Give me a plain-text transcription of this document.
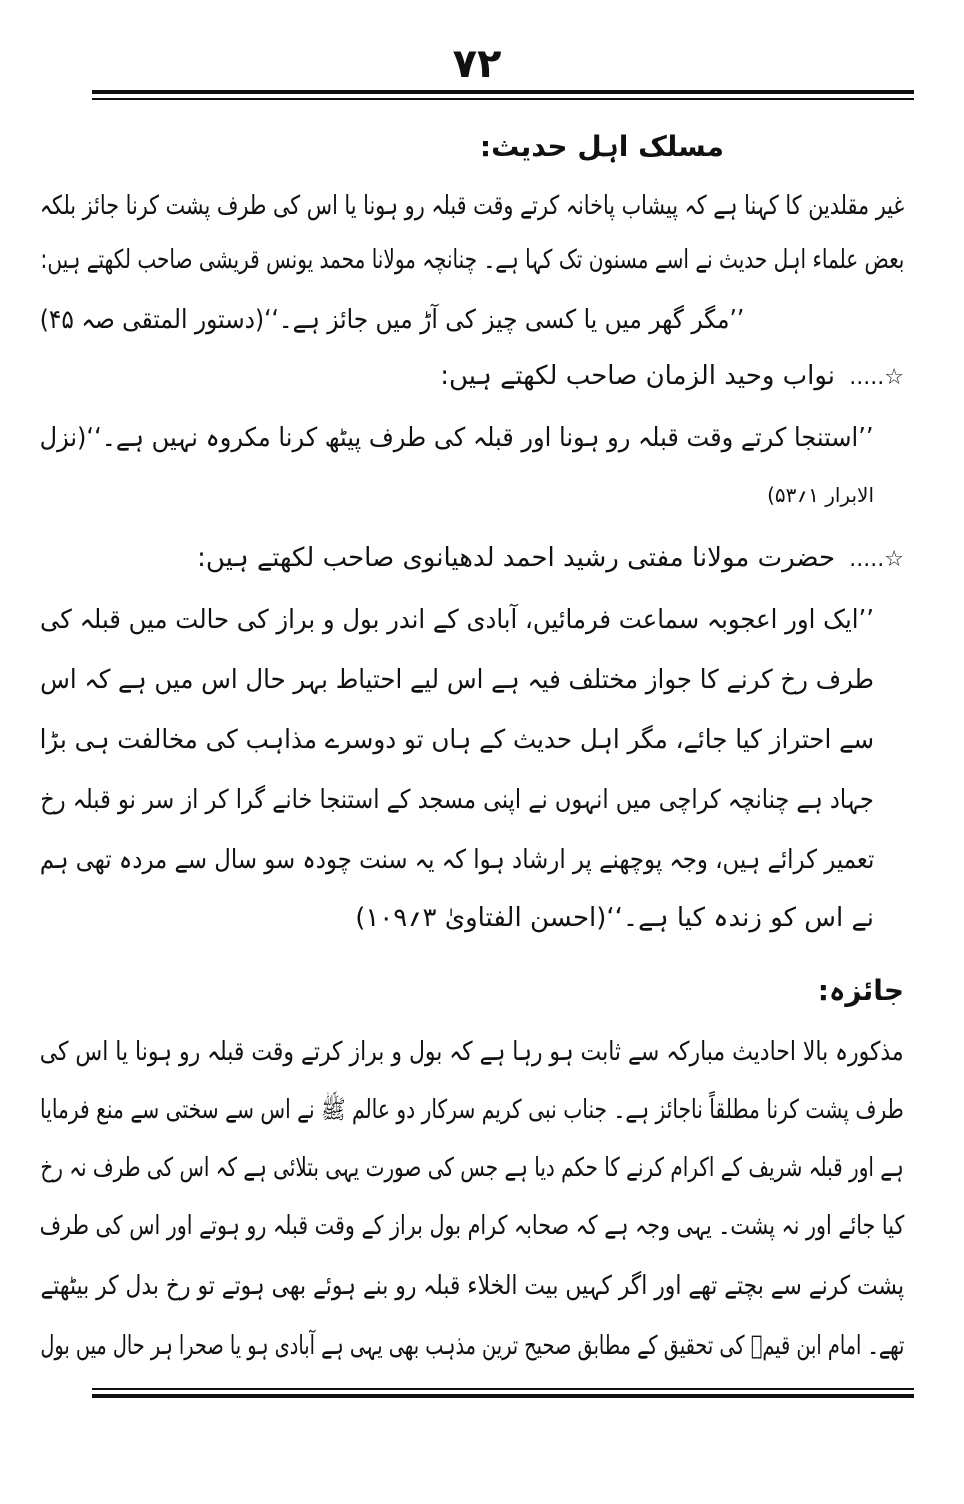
۷۲
مسلک اہل حدیث:
غیر مقلدین کا کہنا ہے کہ پیشاب پاخانہ کرتے وقت قبلہ رو ہونا یا اس کی طرف پشت کرنا جائز بلکہ
بعض علماء اہل حدیث نے اسے مسنون تک کہا ہے۔ چنانچہ مولانا محمد یونس قریشی صاحب لکھتے ہیں:
’’مگر گھر میں یا کسی چیز کی آڑ میں جائز ہے۔‘‘(دستور المتقی صہ ۴۵)
☆..... نواب وحید الزمان صاحب لکھتے ہیں:
’’استنجا کرتے وقت قبلہ رو ہونا اور قبلہ کی طرف پیٹھ کرنا مکروہ نہیں ہے۔‘‘(نزل
الابرار ۱؍۵۳)
☆..... حضرت مولانا مفتی رشید احمد لدھیانوی صاحب لکھتے ہیں:
’’ایک اور اعجوبہ سماعت فرمائیں، آبادی کے اندر بول و براز کی حالت میں قبلہ کی
طرف رخ کرنے کا جواز مختلف فیہ ہے اس لیے احتیاط بہر حال اس میں ہے کہ اس
سے احتراز کیا جائے، مگر اہل حدیث کے ہاں تو دوسرے مذاہب کی مخالفت ہی بڑا
جہاد ہے چنانچہ کراچی میں انہوں نے اپنی مسجد کے استنجا خانے گرا کر از سر نو قبلہ رخ
تعمیر کرائے ہیں، وجہ پوچھنے پر ارشاد ہوا کہ یہ سنت چودہ سو سال سے مردہ تھی ہم
نے اس کو زندہ کیا ہے۔‘‘(احسن الفتاویٰ ۳؍۱۰۹)
جائزہ:
مذکورہ بالا احادیث مبارکہ سے ثابت ہو رہا ہے کہ بول و براز کرتے وقت قبلہ رو ہونا یا اس کی
طرف پشت کرنا مطلقاً ناجائز ہے۔ جناب نبی کریم سرکار دو عالم ﷺ نے اس سے سختی سے منع فرمایا
ہے اور قبلہ شریف کے اکرام کرنے کا حکم دیا ہے جس کی صورت یہی بتلائی ہے کہ اس کی طرف نہ رخ
کیا جائے اور نہ پشت۔ یہی وجہ ہے کہ صحابہ کرام بول براز کے وقت قبلہ رو ہوتے اور اس کی طرف
پشت کرنے سے بچتے تھے اور اگر کہیں بیت الخلاء قبلہ رو بنے ہوئے بھی ہوتے تو رخ بدل کر بیٹھتے
تھے۔ امام ابن قیمؒ کی تحقیق کے مطابق صحیح ترین مذہب بھی یہی ہے آبادی ہو یا صحرا ہر حال میں بول
